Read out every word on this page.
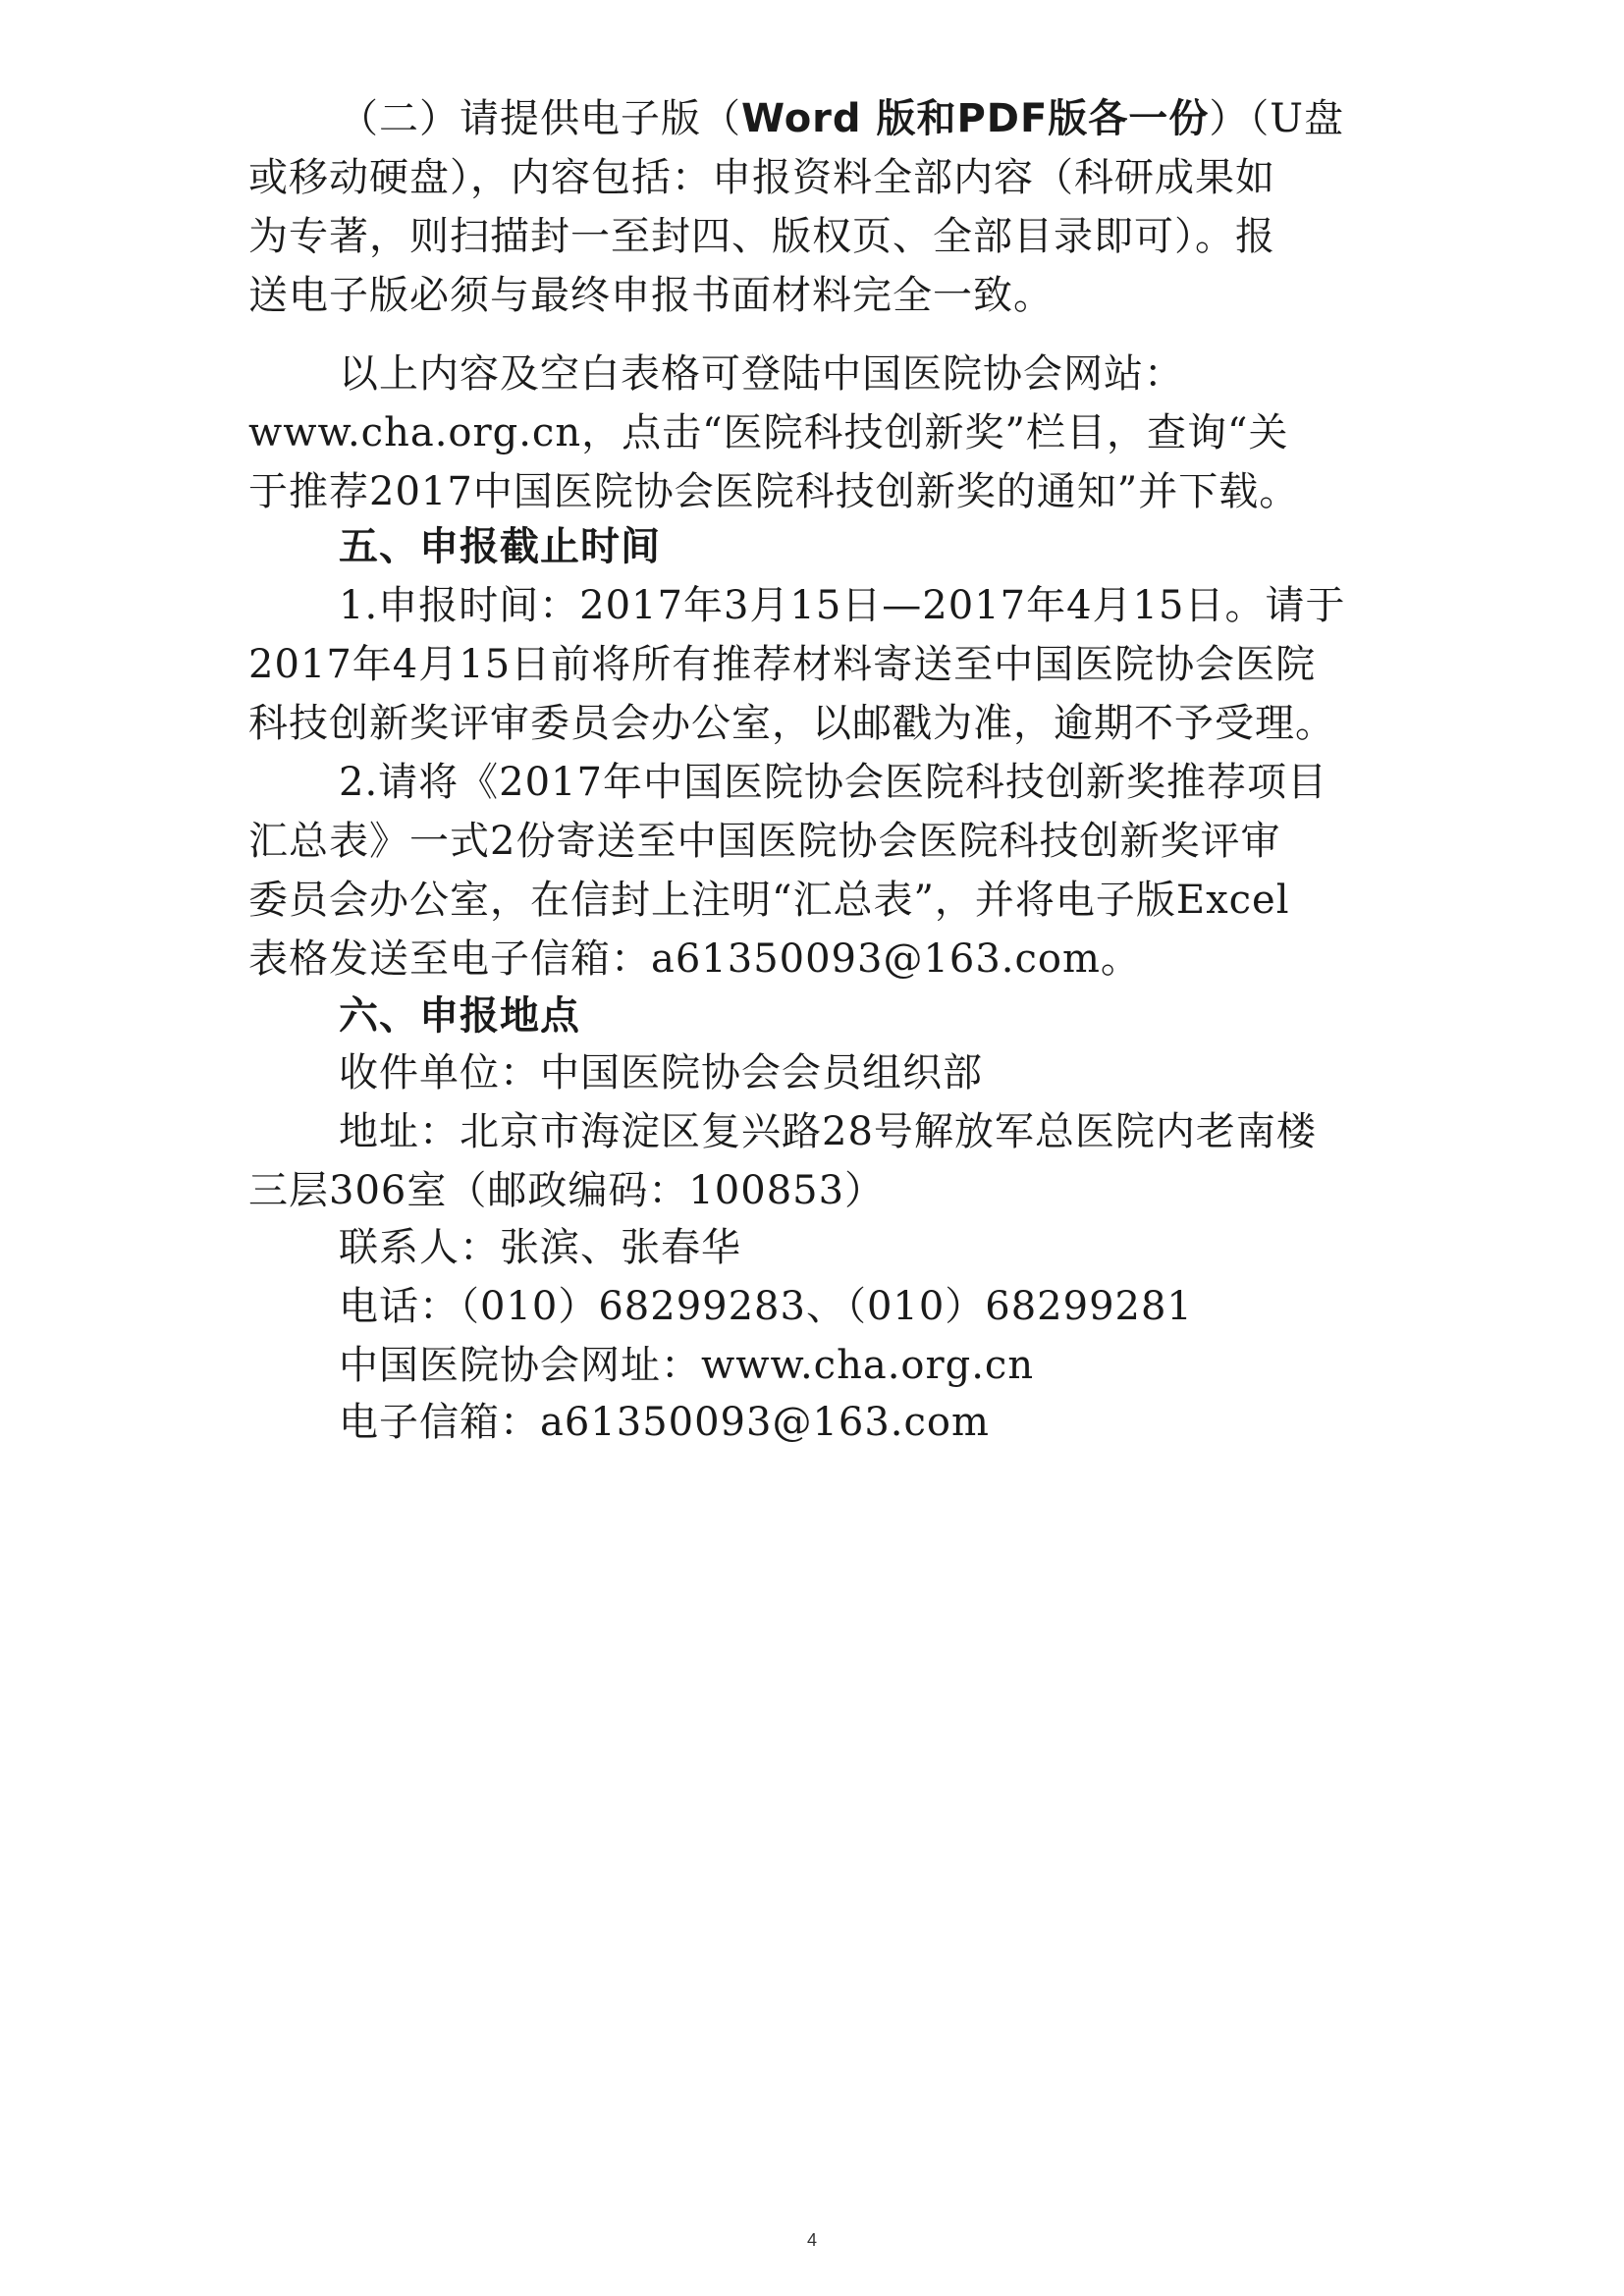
（二）请提供电子版（Word 版和PDF版各一份）（U盘
或移动硬盘），内容包括：申报资料全部内容（科研成果如
为专著，则扫描封一至封四、版权页、全部目录即可）。报
送电子版必须与最终申报书面材料完全一致。
以上内容及空白表格可登陆中国医院协会网站：
www.cha.org.cn，点击“医院科技创新奖”栏目，查询“关
于推荐2017中国医院协会医院科技创新奖的通知”并下载。
五、申报截止时间
1.申报时间：2017年3月15日—2017年4月15日。请于
2017年4月15日前将所有推荐材料寄送至中国医院协会医院
科技创新奖评审委员会办公室，以邮戳为准，逾期不予受理。
2.请将《2017年中国医院协会医院科技创新奖推荐项目
汇总表》一式2份寄送至中国医院协会医院科技创新奖评审
委员会办公室，在信封上注明“汇总表”，并将电子版Excel
表格发送至电子信箱：a61350093@163.com。
六、申报地点
收件单位：中国医院协会会员组织部
地址：北京市海淀区复兴路28号解放军总医院内老南楼
三层306室（邮政编码：100853）
联系人：张滨、张春华
电话：（010）68299283、（010）68299281
中国医院协会网址：www.cha.org.cn
电子信箱：a61350093@163.com
4
